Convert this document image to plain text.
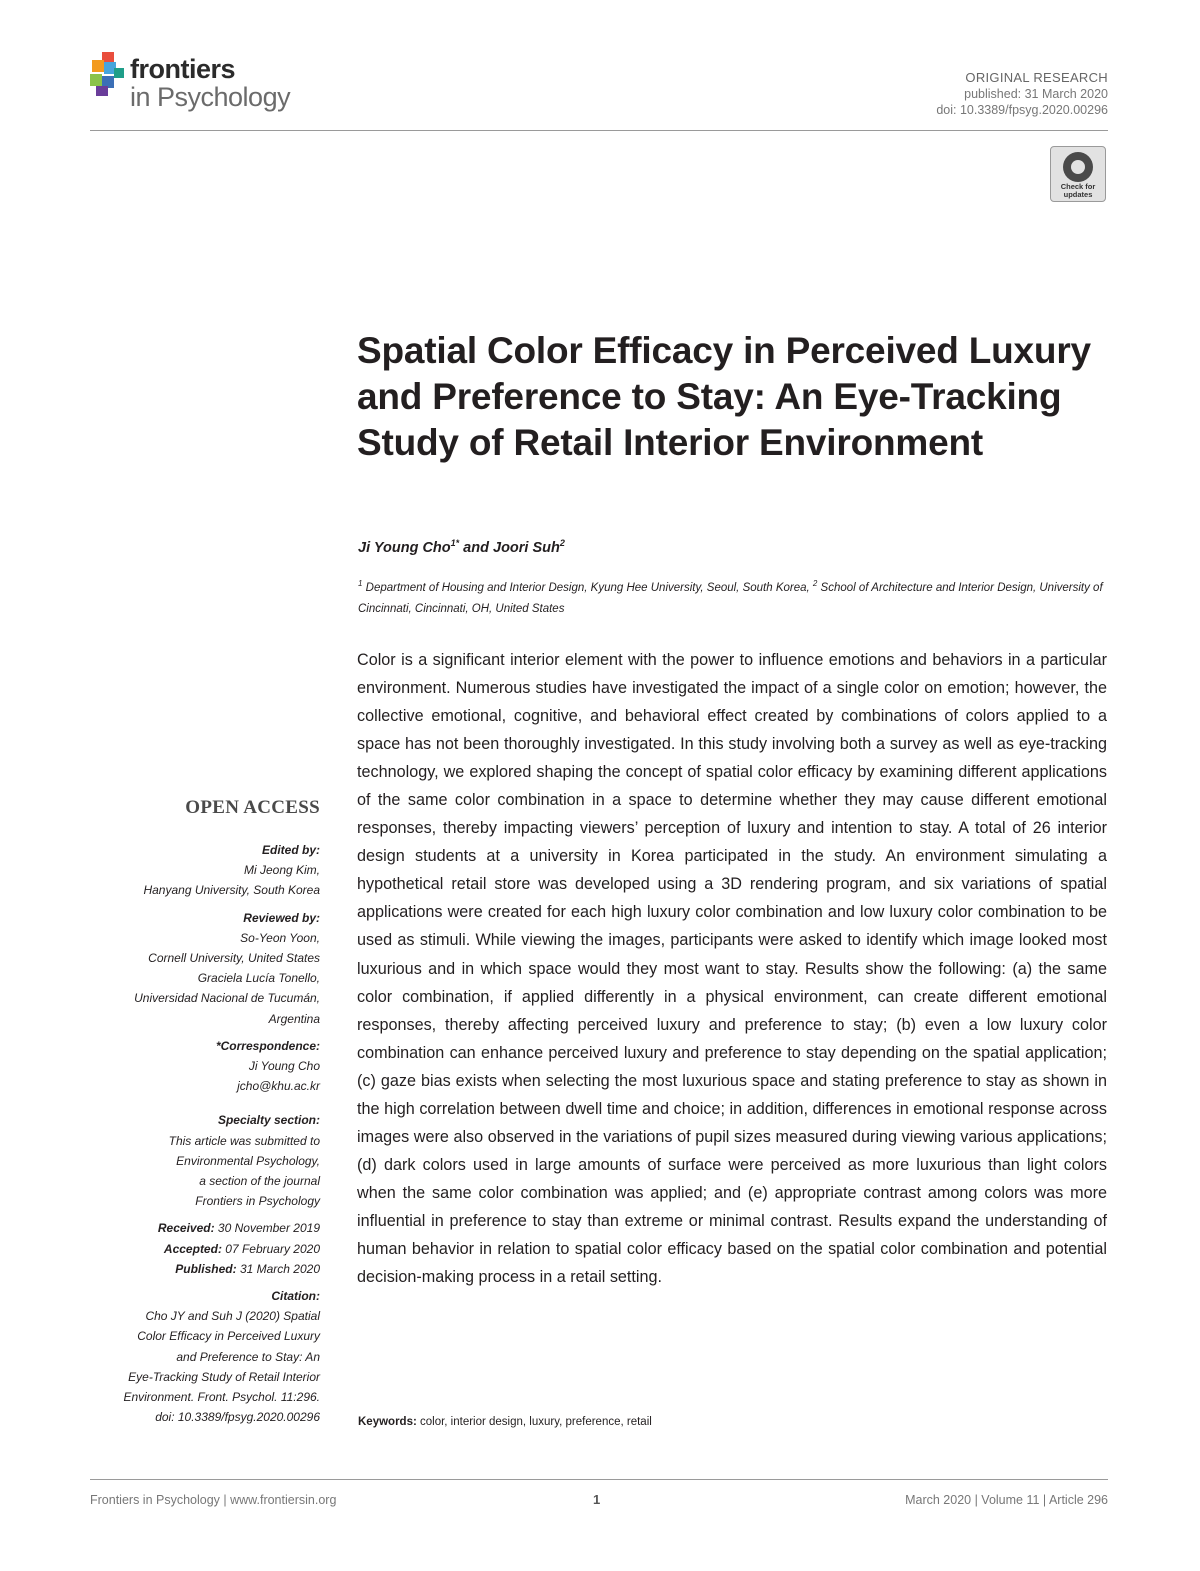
frontiers
in Psychology
ORIGINAL RESEARCH
published: 31 March 2020
doi: 10.3389/fpsyg.2020.00296
Check for
updates
Spatial Color Efficacy in Perceived Luxury and Preference to Stay: An Eye-Tracking Study of Retail Interior Environment
Ji Young Cho$^{1*}$ and Joori Suh$^2$
$^1$ Department of Housing and Interior Design, Kyung Hee University, Seoul, South Korea, $^2$ School of Architecture and Interior Design, University of Cincinnati, Cincinnati, OH, United States
Color is a significant interior element with the power to influence emotions and behaviors in a particular environment. Numerous studies have investigated the impact of a single color on emotion; however, the collective emotional, cognitive, and behavioral effect created by combinations of colors applied to a space has not been thoroughly investigated. In this study involving both a survey as well as eye-tracking technology, we explored shaping the concept of spatial color efficacy by examining different applications of the same color combination in a space to determine whether they may cause different emotional responses, thereby impacting viewers’ perception of luxury and intention to stay. A total of 26 interior design students at a university in Korea participated in the study. An environment simulating a hypothetical retail store was developed using a 3D rendering program, and six variations of spatial applications were created for each high luxury color combination and low luxury color combination to be used as stimuli. While viewing the images, participants were asked to identify which image looked most luxurious and in which space would they most want to stay. Results show the following: (a) the same color combination, if applied differently in a physical environment, can create different emotional responses, thereby affecting perceived luxury and preference to stay; (b) even a low luxury color combination can enhance perceived luxury and preference to stay depending on the spatial application; (c) gaze bias exists when selecting the most luxurious space and stating preference to stay as shown in the high correlation between dwell time and choice; in addition, differences in emotional response across images were also observed in the variations of pupil sizes measured during viewing various applications; (d) dark colors used in large amounts of surface were perceived as more luxurious than light colors when the same color combination was applied; and (e) appropriate contrast among colors was more influential in preference to stay than extreme or minimal contrast. Results expand the understanding of human behavior in relation to spatial color efficacy based on the spatial color combination and potential decision-making process in a retail setting.
Keywords: color, interior design, luxury, preference, retail
OPEN ACCESS
Edited by:
Mi Jeong Kim,
Hanyang University, South Korea
Reviewed by:
So-Yeon Yoon,
Cornell University, United States
Graciela Lucía Tonello,
Universidad Nacional de Tucumán,
Argentina
*Correspondence:
Ji Young Cho
jcho@khu.ac.kr
Specialty section:
This article was submitted to
Environmental Psychology,
a section of the journal
Frontiers in Psychology
Received: 30 November 2019
Accepted: 07 February 2020
Published: 31 March 2020
Citation:
Cho JY and Suh J (2020) Spatial
Color Efficacy in Perceived Luxury
and Preference to Stay: An
Eye-Tracking Study of Retail Interior
Environment. Front. Psychol. 11:296.
doi: 10.3389/fpsyg.2020.00296
Frontiers in Psychology | www.frontiersin.org	1	March 2020 | Volume 11 | Article 296
